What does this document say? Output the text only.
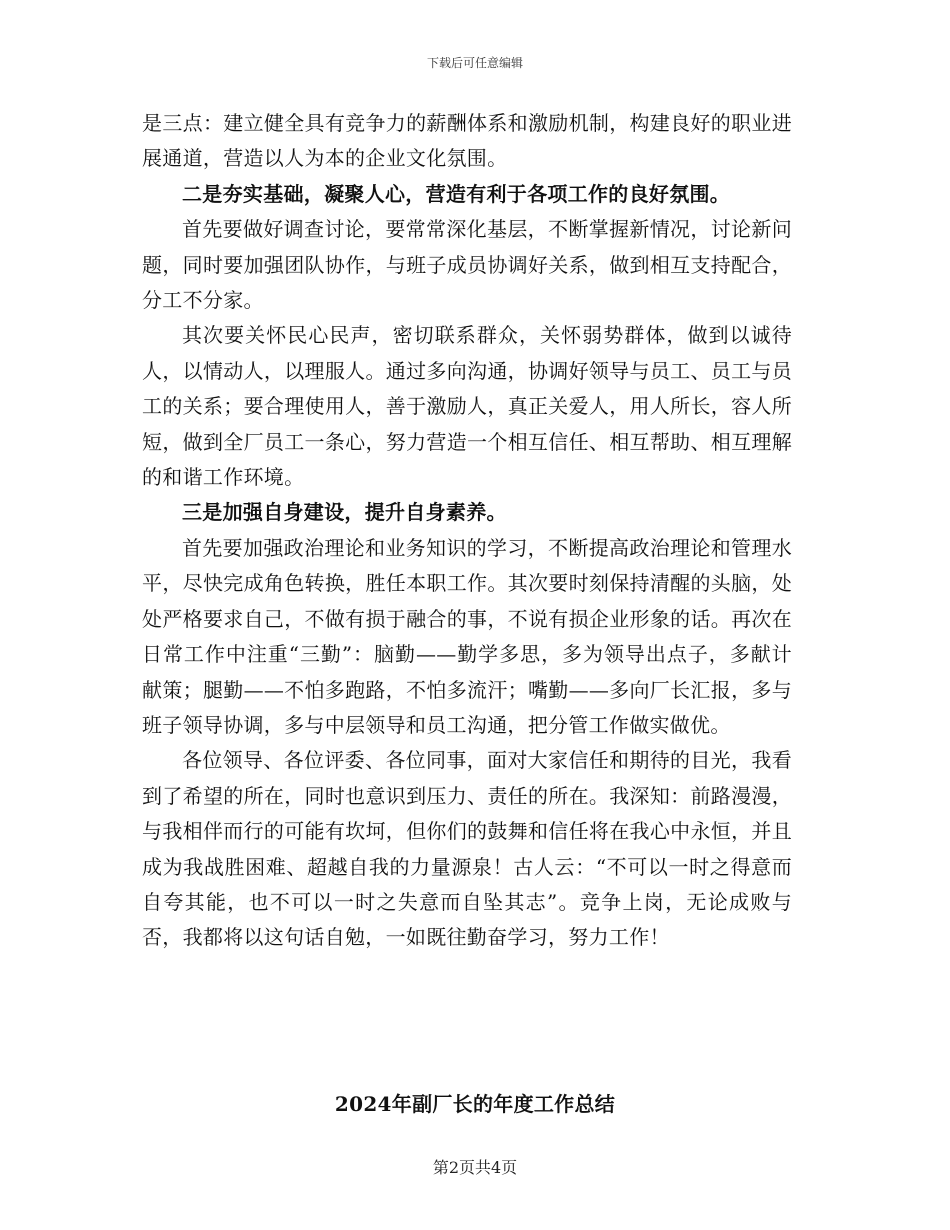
下载后可任意编辑

是三点：建立健全具有竞争力的薪酬体系和激励机制，构建良好的职业进展通道，营造以人为本的企业文化氛围。

二是夯实基础，凝聚人心，营造有利于各项工作的良好氛围。

首先要做好调查讨论，要常常深化基层，不断掌握新情况，讨论新问题，同时要加强团队协作，与班子成员协调好关系，做到相互支持配合，分工不分家。

其次要关怀民心民声，密切联系群众，关怀弱势群体，做到以诚待人，以情动人，以理服人。通过多向沟通，协调好领导与员工、员工与员工的关系；要合理使用人，善于激励人，真正关爱人，用人所长，容人所短，做到全厂员工一条心，努力营造一个相互信任、相互帮助、相互理解的和谐工作环境。

三是加强自身建设，提升自身素养。

首先要加强政治理论和业务知识的学习，不断提高政治理论和管理水平，尽快完成角色转换，胜任本职工作。其次要时刻保持清醒的头脑，处处严格要求自己，不做有损于融合的事，不说有损企业形象的话。再次在日常工作中注重“三勤”：脑勤——勤学多思，多为领导出点子，多献计献策；腿勤——不怕多跑路，不怕多流汗；嘴勤——多向厂长汇报，多与班子领导协调，多与中层领导和员工沟通，把分管工作做实做优。

各位领导、各位评委、各位同事，面对大家信任和期待的目光，我看到了希望的所在，同时也意识到压力、责任的所在。我深知：前路漫漫，与我相伴而行的可能有坎坷，但你们的鼓舞和信任将在我心中永恒，并且成为我战胜困难、超越自我的力量源泉！古人云：“不可以一时之得意而自夸其能，也不可以一时之失意而自坠其志”。竞争上岗，无论成败与否，我都将以这句话自勉，一如既往勤奋学习，努力工作！

2024年副厂长的年度工作总结
第2页共4页
